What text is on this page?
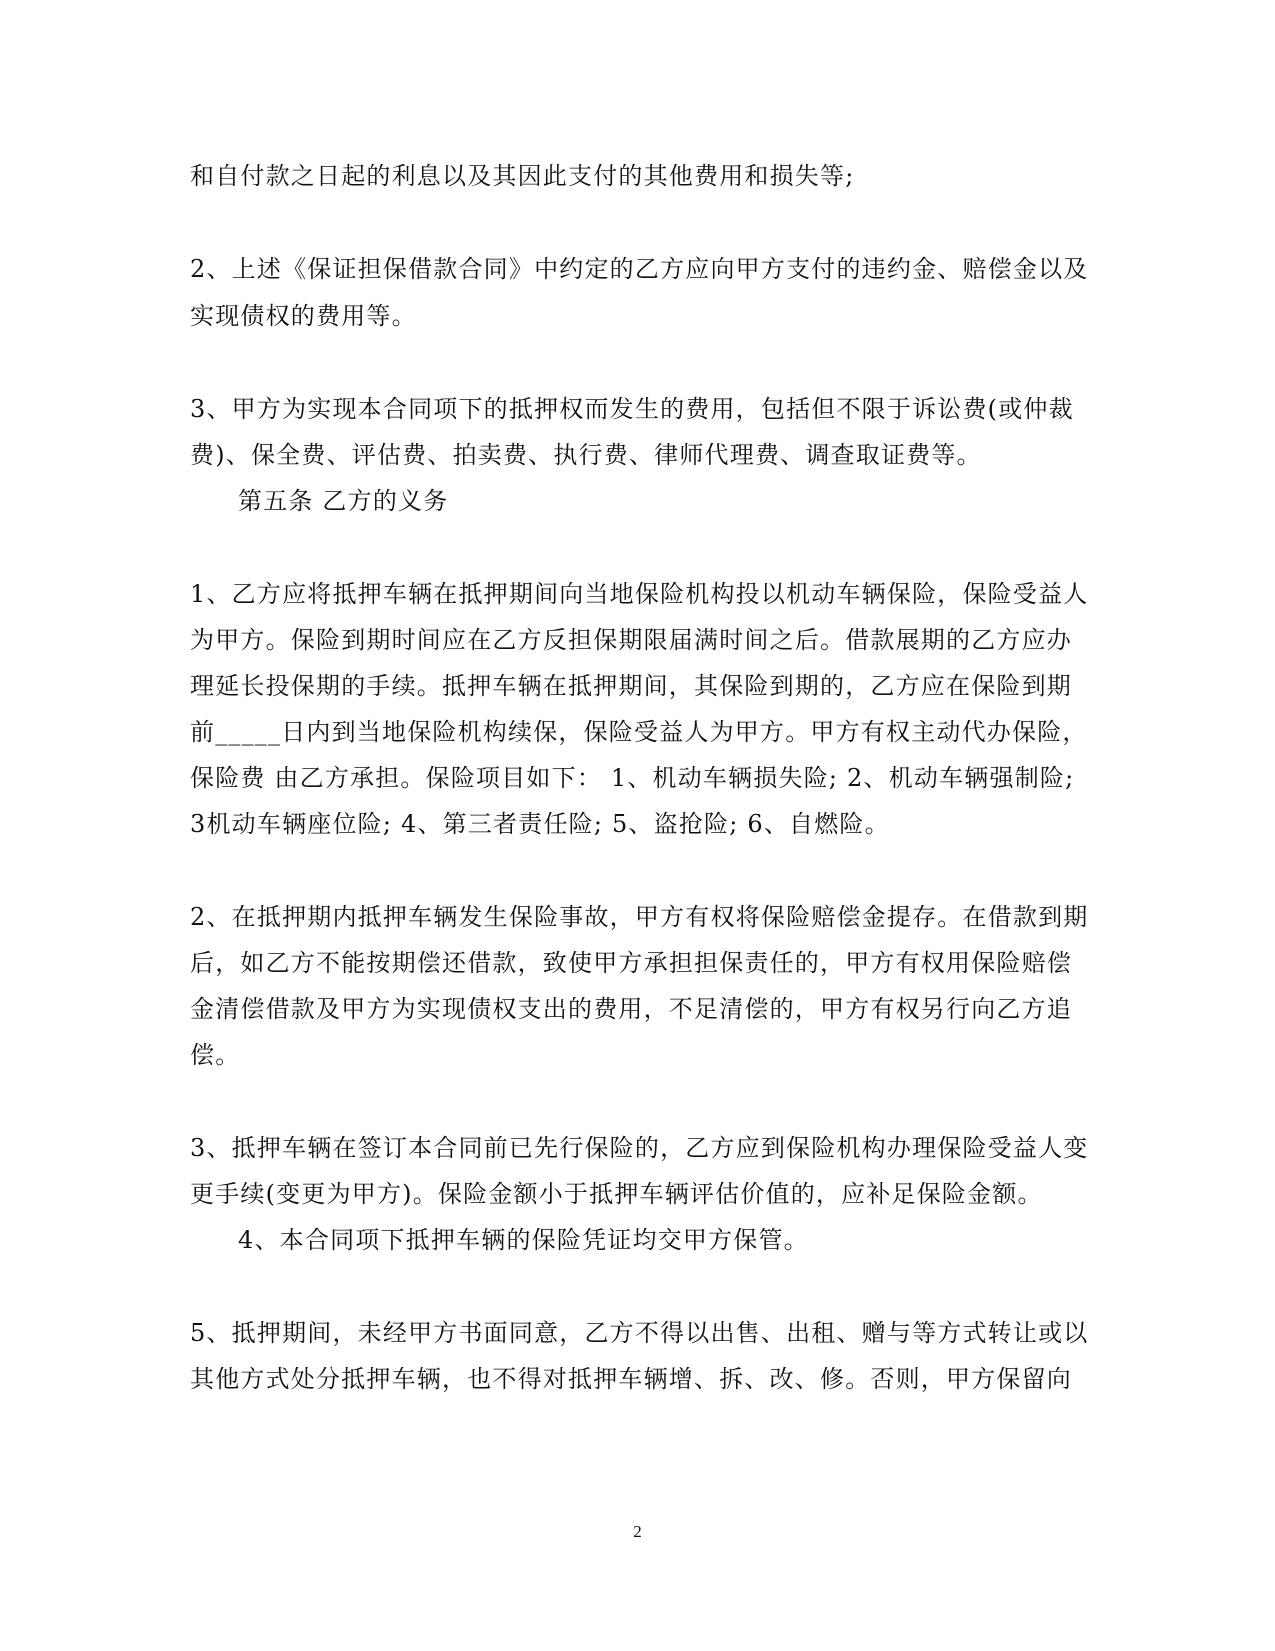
和自付款之日起的利息以及其因此支付的其他费用和损失等;
2、上述《保证担保借款合同》中约定的乙方应向甲方支付的违约金、赔偿金以及
实现债权的费用等。
3、甲方为实现本合同项下的抵押权而发生的费用，包括但不限于诉讼费(或仲裁
费)、保全费、评估费、拍卖费、执行费、律师代理费、调查取证费等。
第五条 乙方的义务
1、乙方应将抵押车辆在抵押期间向当地保险机构投以机动车辆保险，保险受益人
为甲方。保险到期时间应在乙方反担保期限届满时间之后。借款展期的乙方应办
理延长投保期的手续。抵押车辆在抵押期间，其保险到期的，乙方应在保险到期
前_____日内到当地保险机构续保，保险受益人为甲方。甲方有权主动代办保险，
保险费 由乙方承担。保险项目如下： 1、机动车辆损失险; 2、机动车辆强制险;
3机动车辆座位险; 4、第三者责任险; 5、盗抢险; 6、自燃险。
2、在抵押期内抵押车辆发生保险事故，甲方有权将保险赔偿金提存。在借款到期
后，如乙方不能按期偿还借款，致使甲方承担担保责任的，甲方有权用保险赔偿
金清偿借款及甲方为实现债权支出的费用，不足清偿的，甲方有权另行向乙方追
偿。
3、抵押车辆在签订本合同前已先行保险的，乙方应到保险机构办理保险受益人变
更手续(变更为甲方)。保险金额小于抵押车辆评估价值的，应补足保险金额。
4、本合同项下抵押车辆的保险凭证均交甲方保管。
5、抵押期间，未经甲方书面同意，乙方不得以出售、出租、赠与等方式转让或以
其他方式处分抵押车辆，也不得对抵押车辆增、拆、改、修。否则，甲方保留向
2
